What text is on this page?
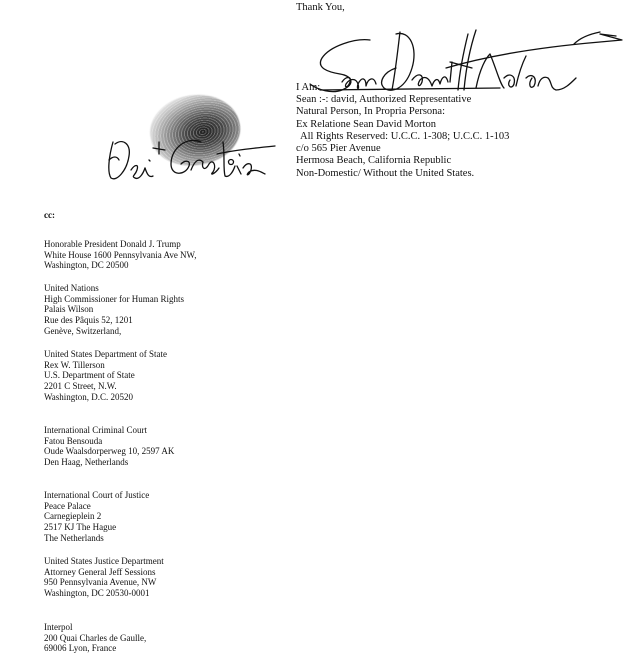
Thank You,
I Am:
Sean :-: david, Authorized Representative
Natural Person, In Propria Persona:
Ex Relatione Sean David Morton
All Rights Reserved: U.C.C. 1-308; U.C.C. 1-103
c/o 565 Pier Avenue
Hermosa Beach, California Republic
Non-Domestic/ Without the United States.
cc:
Honorable President Donald J. Trump
White House 1600 Pennsylvania Ave NW,
Washington, DC 20500
United Nations
High Commissioner for Human Rights
Palais Wilson
Rue des Pâquis 52, 1201
Genève, Switzerland,
United States Department of State
Rex W. Tillerson
U.S. Department of State
2201 C Street, N.W.
Washington, D.C. 20520
International Criminal Court
Fatou Bensouda
Oude Waalsdorperweg 10, 2597 AK
Den Haag, Netherlands
International Court of Justice
Peace Palace
Carnegieplein 2
2517 KJ The Hague
The Netherlands
United States Justice Department
Attorney General Jeff Sessions
950 Pennsylvania Avenue, NW
Washington, DC 20530-0001
Interpol
200 Quai Charles de Gaulle,
69006 Lyon, France
